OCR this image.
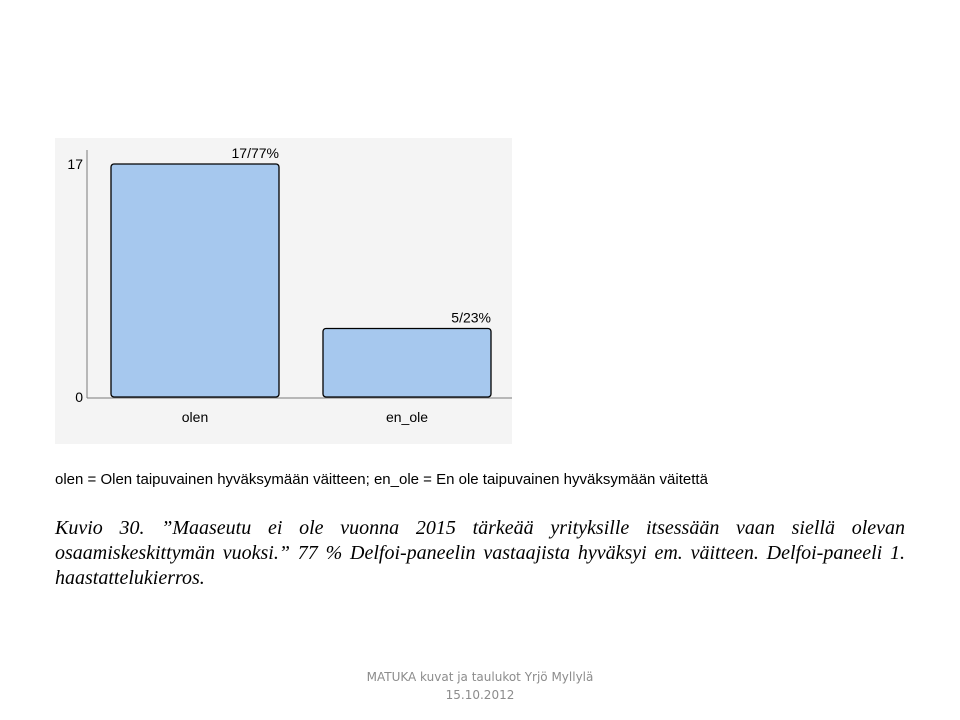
17
0
17/77%
olen
5/23%
en_ole
olen = Olen taipuvainen hyväksymään väitteen; en_ole = En ole taipuvainen hyväksymään väitettä
Kuvio 30. ”Maaseutu ei ole vuonna 2015 tärkeää yrityksille itsessään vaan siellä olevan osaamiskeskittymän vuoksi.” 77 % Delfoi-paneelin vastaajista hyväksyi em. väitteen. Delfoi-paneeli 1. haastattelukierros.
MATUKA kuvat ja taulukot Yrjö Myllylä
15.10.2012
